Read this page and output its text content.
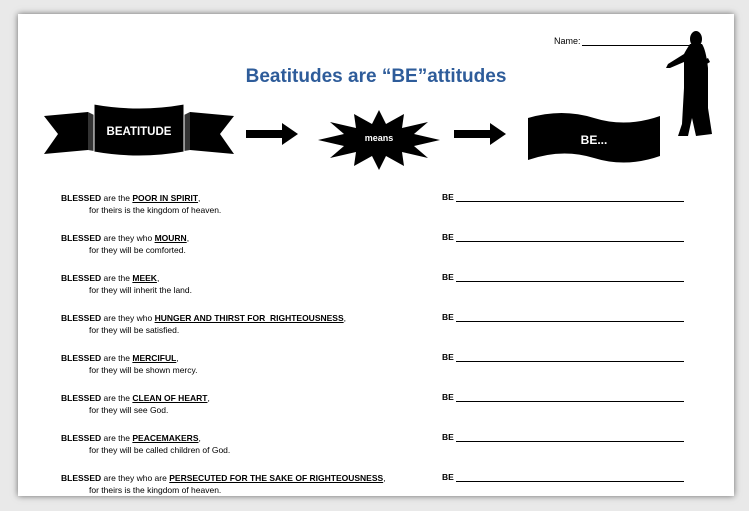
Name:
Beatitudes are “BE”attitudes
BEATITUDE	means	BE...
BLESSED are the POOR IN SPIRIT,
for theirs is the kingdom of heaven.
BE
BLESSED are they who MOURN,
for they will be comforted.
BE
BLESSED are the MEEK,
for they will inherit the land.
BE
BLESSED are they who HUNGER AND THIRST FOR  RIGHTEOUSNESS,
for they will be satisfied.
BE
BLESSED are the MERCIFUL,
for they will be shown mercy.
BE
BLESSED are the CLEAN OF HEART,
for they will see God.
BE
BLESSED are the PEACEMAKERS,
for they will be called children of God.
BE
BLESSED are they who are PERSECUTED FOR THE SAKE OF RIGHTEOUSNESS,
for theirs is the kingdom of heaven.
BE
